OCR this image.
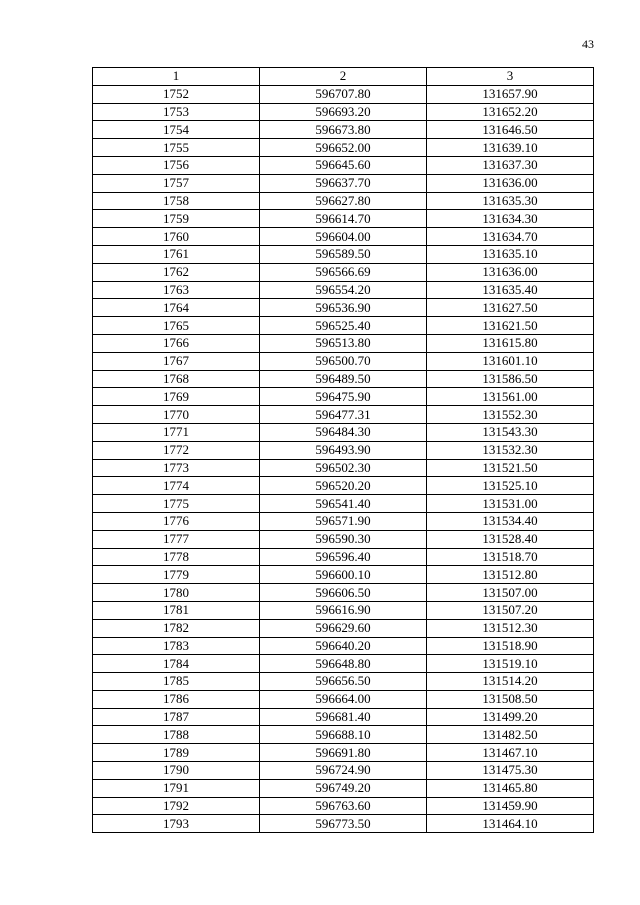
43
1	2	3
1752	596707.80	131657.90
1753	596693.20	131652.20
1754	596673.80	131646.50
1755	596652.00	131639.10
1756	596645.60	131637.30
1757	596637.70	131636.00
1758	596627.80	131635.30
1759	596614.70	131634.30
1760	596604.00	131634.70
1761	596589.50	131635.10
1762	596566.69	131636.00
1763	596554.20	131635.40
1764	596536.90	131627.50
1765	596525.40	131621.50
1766	596513.80	131615.80
1767	596500.70	131601.10
1768	596489.50	131586.50
1769	596475.90	131561.00
1770	596477.31	131552.30
1771	596484.30	131543.30
1772	596493.90	131532.30
1773	596502.30	131521.50
1774	596520.20	131525.10
1775	596541.40	131531.00
1776	596571.90	131534.40
1777	596590.30	131528.40
1778	596596.40	131518.70
1779	596600.10	131512.80
1780	596606.50	131507.00
1781	596616.90	131507.20
1782	596629.60	131512.30
1783	596640.20	131518.90
1784	596648.80	131519.10
1785	596656.50	131514.20
1786	596664.00	131508.50
1787	596681.40	131499.20
1788	596688.10	131482.50
1789	596691.80	131467.10
1790	596724.90	131475.30
1791	596749.20	131465.80
1792	596763.60	131459.90
1793	596773.50	131464.10
